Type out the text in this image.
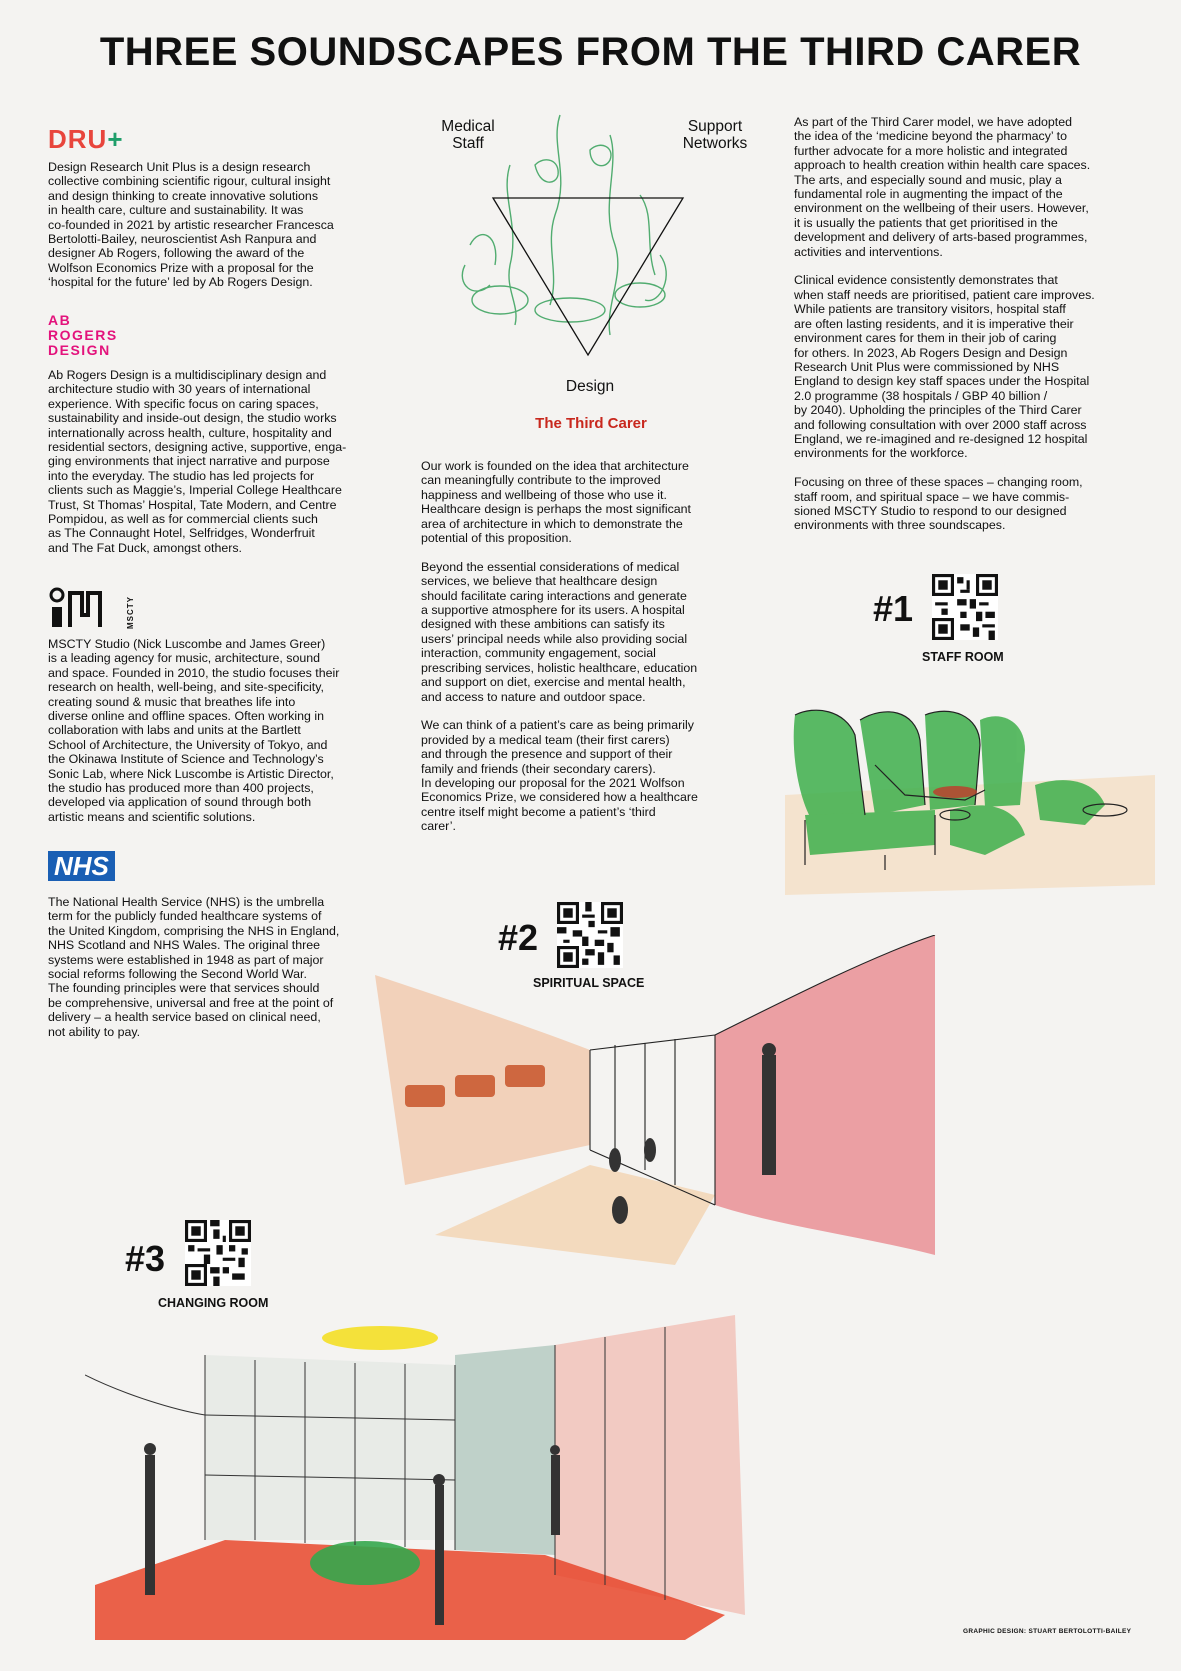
THREE SOUNDSCAPES FROM THE THIRD CARER
DRU+
Design Research Unit Plus is a design research
collective combining scientific rigour, cultural insight
and design thinking to create innovative solutions
in health care, culture and sustainability. It was
co-founded in 2021 by artistic researcher Francesca
Bertolotti-Bailey, neuroscientist Ash Ranpura and
designer Ab Rogers, following the award of the
Wolfson Economics Prize with a proposal for the
‘hospital for the future’ led by Ab Rogers Design.
AB
ROGERS
DESIGN
Ab Rogers Design is a multidisciplinary design and
architecture studio with 30 years of international
experience. With specific focus on caring spaces,
sustainability and inside-out design, the studio works
internationally across health, culture, hospitality and
residential sectors, designing active, supportive, enga-
ging environments that inject narrative and purpose
into the everyday. The studio has led projects for
clients such as Maggie’s, Imperial College Healthcare
Trust, St Thomas’ Hospital, Tate Modern, and Centre
Pompidou, as well as for commercial clients such
as The Connaught Hotel, Selfridges, Wonderfruit
and The Fat Duck, amongst others.
MSCTY
MSCTY Studio (Nick Luscombe and James Greer)
is a leading agency for music, architecture, sound
and space. Founded in 2010, the studio focuses their
research on health, well-being, and site-specificity,
creating sound & music that breathes life into
diverse online and offline spaces. Often working in
collaboration with labs and units at the Bartlett
School of Architecture, the University of Tokyo, and
the Okinawa Institute of Science and Technology’s
Sonic Lab, where Nick Luscombe is Artistic Director,
the studio has produced more than 400 projects,
developed via application of sound through both
artistic means and scientific solutions.
NHS
The National Health Service (NHS) is the umbrella
term for the publicly funded healthcare systems of
the United Kingdom, comprising the NHS in England,
NHS Scotland and NHS Wales. The original three
systems were established in 1948 as part of major
social reforms following the Second World War.
The founding principles were that services should
be comprehensive, universal and free at the point of
delivery – a health service based on clinical need,
not ability to pay.
Medical
Staff
Support
Networks
Design
The Third Carer
Our work is founded on the idea that architecture
can meaningfully contribute to the improved
happiness and wellbeing of those who use it.
Healthcare design is perhaps the most significant
area of architecture in which to demonstrate the
potential of this proposition.

Beyond the essential considerations of medical
services, we believe that healthcare design
should facilitate caring interactions and generate
a supportive atmosphere for its users. A hospital
designed with these ambitions can satisfy its
users’ principal needs while also providing social
interaction, community engagement, social
prescribing services, holistic healthcare, education
and support on diet, exercise and mental health,
and access to nature and outdoor space.

We can think of a patient’s care as being primarily
provided by a medical team (their first carers)
and through the presence and support of their
family and friends (their secondary carers).
In developing our proposal for the 2021 Wolfson
Economics Prize, we considered how a healthcare
centre itself might become a patient’s ‘third
carer’.
As part of the Third Carer model, we have adopted
the idea of the ‘medicine beyond the pharmacy’ to
further advocate for a more holistic and integrated
approach to health creation within health care spaces.
The arts, and especially sound and music, play a
fundamental role in augmenting the impact of the
environment on the wellbeing of their users. However,
it is usually the patients that get prioritised in the
development and delivery of arts-based programmes,
activities and interventions.

Clinical evidence consistently demonstrates that
when staff needs are prioritised, patient care improves.
While patients are transitory visitors, hospital staff
are often lasting residents, and it is imperative their
environment cares for them in their job of caring
for others. In 2023, Ab Rogers Design and Design
Research Unit Plus were commissioned by NHS
England to design key staff spaces under the Hospital
2.0 programme (38 hospitals / GBP 40 billion /
by 2040). Upholding the principles of the Third Carer
and following consultation with over 2000 staff across
England, we re-imagined and re-designed 12 hospital
environments for the workforce.

Focusing on three of these spaces – changing room,
staff room, and spiritual space – we have commis-
sioned MSCTY Studio to respond to our designed
environments with three soundscapes.
#1
STAFF ROOM
#2
SPIRITUAL SPACE
#3
CHANGING ROOM
GRAPHIC DESIGN: STUART BERTOLOTTI-BAILEY
